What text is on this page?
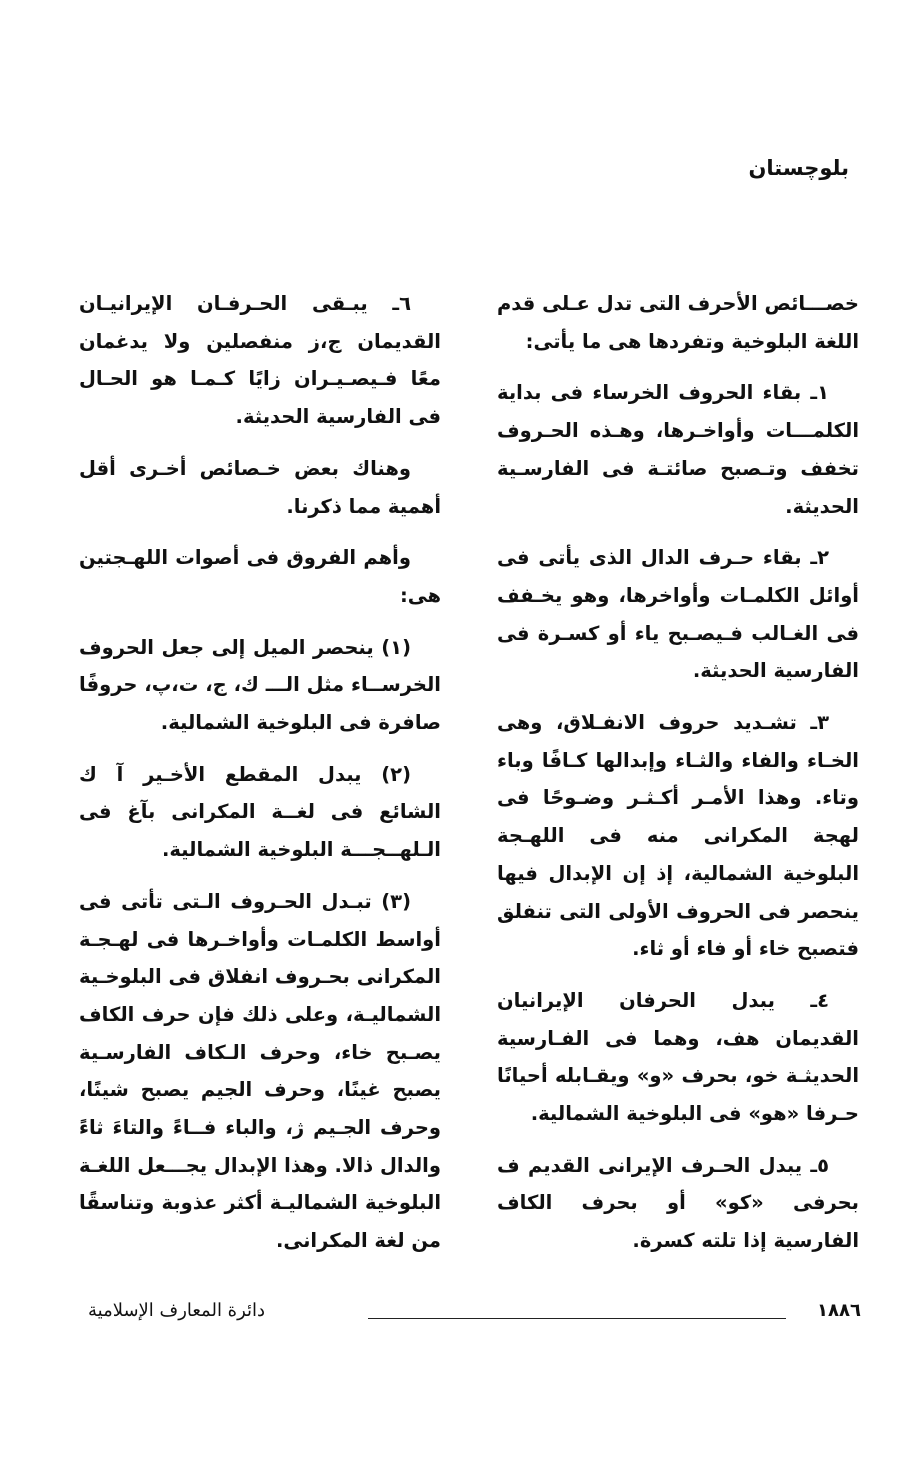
بلوچستان

خصـــائص الأحرف التى تدل عـلى قدم اللغة البلوخية وتفردها هى ما يأتى:

١ـ بقاء الحروف الخرساء فى بداية الكلمـــات وأواخـرها، وهـذه الحـروف تخفف وتـصبح صائتـة فى الفارسـية الحديثة.

٢ـ بقاء حـرف الدال الذى يأتى فى أوائل الكلمـات وأواخرها، وهو يخـفف فى الغـالب فـيصـبح ياء أو كسـرة فى الفارسية الحديثة.

٣ـ تشـديد حروف الانفـلاق، وهى الخـاء والفاء والثـاء وإبدالها كـافًا وباء وتاء. وهذا الأمـر أكـثـر وضـوحًا فى لهجة المكرانى منه فى اللهـجة البلوخية الشمالية، إذ إن الإبدال فيها ينحصر فى الحروف الأولى التى تنفلق فتصبح خاء أو فاء أو ثاء.

٤ـ يبدل الحرفان الإيرانيان القديمان هف، وهما فى الفـارسية الحديثـة خو، بحرف «و» ويقـابله أحيانًا حـرفا «هو» فى البلوخية الشمالية.

٥ـ يبدل الحـرف الإيرانى القديم ف بحرفى «كو» أو بحرف الكاف الفارسية إذا تلته كسرة.

٦ـ يبـقى الحـرفـان الإيرانيـان القديمان ج،ز منفصلين ولا يدغمان معًا فـيصـيـران زايًا كـمـا هو الحـال فى الفارسية الحديثة.

وهناك بعض خـصائص أخـرى أقل أهمية مما ذكرنا.

وأهم الفروق فى أصوات اللهـجتين هى:

(١) ينحصر الميل إلى جعل الحروف الخرســاء مثل الـــ ك، ج، ت،پ، حروفًا صافرة فى البلوخية الشمالية.

(٢) يبدل المقطع الأخـير آ ك الشائع فى لغــة المكرانى بآغ فى الـلهــجـــة البلوخية الشمالية.

(٣) تبـدل الحـروف الـتى تأتى فى أواسط الكلمـات وأواخـرها فى لهـجـة المكرانى بحـروف انفلاق فى البلوخـية الشماليـة، وعلى ذلك فإن حرف الكاف يصـبح خاء، وحرف الـكاف الفارسـية يصبح غينًا، وحرف الجيم يصبح شينًا، وحرف الجـيم ژ، والباء فــاءً والتاءَ ثاءً والدال ذالا. وهذا الإبدال يجـــعل اللغـة البلوخية الشماليـة أكثر عذوبة وتناسقًا من لغة المكرانى.

١٨٨٦
دائرة المعارف الإسلامية
